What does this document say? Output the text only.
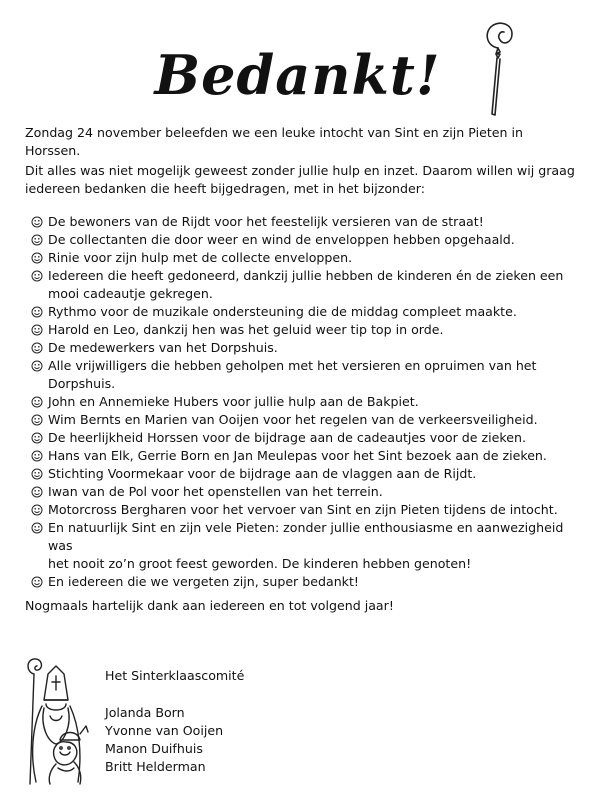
Bedankt!
Zondag 24 november beleefden we een leuke intocht van Sint en zijn Pieten in Horssen.
Dit alles was niet mogelijk geweest zonder jullie hulp en inzet. Daarom willen wij graag
iedereen bedanken die heeft bijgedragen, met in het bijzonder:
De bewoners van de Rijdt voor het feestelijk versieren van de straat!
De collectanten die door weer en wind de enveloppen hebben opgehaald.
Rinie voor zijn hulp met de collecte enveloppen.
Iedereen die heeft gedoneerd, dankzij jullie hebben de kinderen én de zieken een
mooi cadeautje gekregen.
Rythmo voor de muzikale ondersteuning die de middag compleet maakte.
Harold en Leo, dankzij hen was het geluid weer tip top in orde.
De medewerkers van het Dorpshuis.
Alle vrijwilligers die hebben geholpen met het versieren en opruimen van het
Dorpshuis.
John en Annemieke Hubers voor jullie hulp aan de Bakpiet.
Wim Bernts en Marien van Ooijen voor het regelen van de verkeersveiligheid.
De heerlijkheid Horssen voor de bijdrage aan de cadeautjes voor de zieken.
Hans van Elk, Gerrie Born en Jan Meulepas voor het Sint bezoek aan de zieken.
Stichting Voormekaar voor de bijdrage aan de vlaggen aan de Rijdt.
Iwan van de Pol voor het openstellen van het terrein.
Motorcross Bergharen voor het vervoer van Sint en zijn Pieten tijdens de intocht.
En natuurlijk Sint en zijn vele Pieten: zonder jullie enthousiasme en aanwezigheid was
het nooit zo’n groot feest geworden. De kinderen hebben genoten!
En iedereen die we vergeten zijn, super bedankt!
Nogmaals hartelijk dank aan iedereen en tot volgend jaar!
Het Sinterklaascomité
Jolanda Born
Yvonne van Ooijen
Manon Duifhuis
Britt Helderman
